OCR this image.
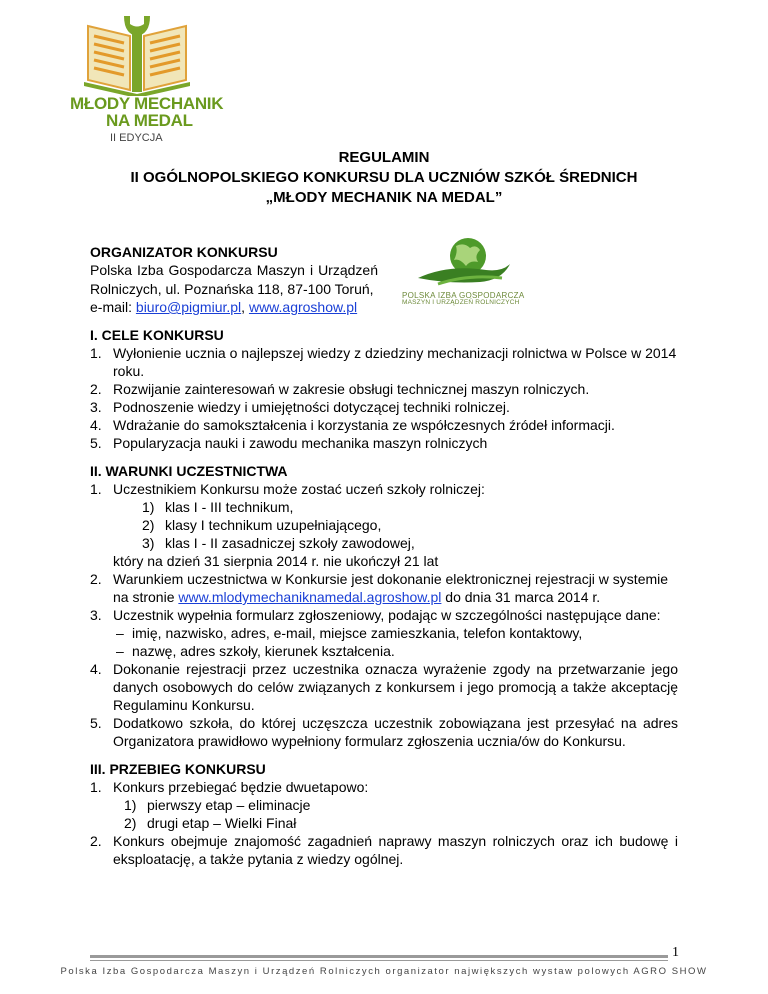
MŁODY MECHANIK
NA MEDAL
II EDYCJA
REGULAMIN
II OGÓLNOPOLSKIEGO KONKURSU DLA UCZNIÓW SZKÓŁ ŚREDNICH
„MŁODY MECHANIK NA MEDAL”
ORGANIZATOR KONKURSU
Polska Izba Gospodarcza Maszyn i Urządzeń
Rolniczych, ul. Poznańska 118, 87-100 Toruń,
e-mail: biuro@pigmiur.pl, www.agroshow.pl
POLSKA IZBA GOSPODARCZA
MASZYN I URZĄDZEŃ ROLNICZYCH
I. CELE KONKURSU
1. Wyłonienie ucznia o najlepszej wiedzy z dziedziny mechanizacji rolnictwa w Polsce w 2014
roku.
2. Rozwijanie zainteresowań w zakresie obsługi technicznej maszyn rolniczych.
3. Podnoszenie wiedzy i umiejętności dotyczącej techniki rolniczej.
4. Wdrażanie do samokształcenia i korzystania ze współczesnych źródeł informacji.
5. Popularyzacja nauki i zawodu mechanika maszyn rolniczych
II. WARUNKI UCZESTNICTWA
1. Uczestnikiem Konkursu może zostać uczeń szkoły rolniczej:
1) klas I - III technikum,
2) klasy I technikum uzupełniającego,
3) klas I - II zasadniczej szkoły zawodowej,
który na dzień 31 sierpnia 2014 r. nie ukończył 21 lat
2. Warunkiem uczestnictwa w Konkursie jest dokonanie elektronicznej rejestracji w systemie
na stronie www.mlodymechaniknamedal.agroshow.pl do dnia 31 marca 2014 r.
3. Uczestnik wypełnia formularz zgłoszeniowy, podając w szczególności następujące dane:
– imię, nazwisko, adres, e-mail, miejsce zamieszkania, telefon kontaktowy,
– nazwę, adres szkoły, kierunek kształcenia.
4. Dokonanie rejestracji przez uczestnika oznacza wyrażenie zgody na przetwarzanie jego
danych osobowych do celów związanych z konkursem i jego promocją a także akceptację
Regulaminu Konkursu.
5. Dodatkowo szkoła, do której uczęszcza uczestnik zobowiązana jest przesyłać na adres
Organizatora prawidłowo wypełniony formularz zgłoszenia ucznia/ów do Konkursu.
III. PRZEBIEG KONKURSU
1. Konkurs przebiegać będzie dwuetapowo:
1) pierwszy etap – eliminacje
2) drugi etap – Wielki Finał
2. Konkurs obejmuje znajomość zagadnień naprawy maszyn rolniczych oraz ich budowę i
eksploatację, a także pytania z wiedzy ogólnej.
1
Polska Izba Gospodarcza Maszyn i Urządzeń Rolniczych organizator największych wystaw polowych AGRO SHOW
